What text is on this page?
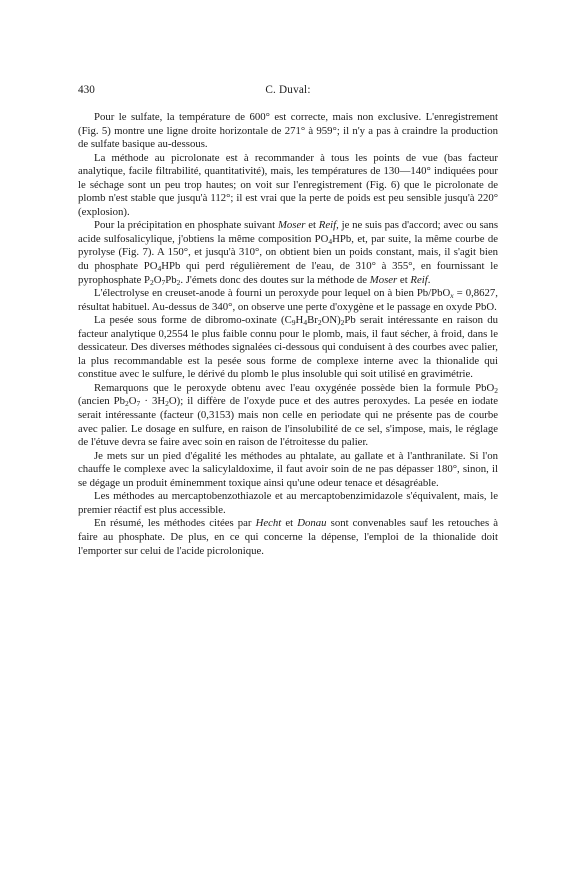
430	C. Duval:

Pour le sulfate, la température de 600° est correcte, mais non exclusive. L'enregistrement (Fig. 5) montre une ligne droite horizontale de 271° à 959°; il n'y a pas à craindre la production de sulfate basique au-dessous.

La méthode au picrolonate est à recommander à tous les points de vue (bas facteur analytique, facile filtrabilité, quantitativité), mais, les températures de 130—140° indiquées pour le séchage sont un peu trop hautes; on voit sur l'enregistrement (Fig. 6) que le picrolonate de plomb n'est stable que jusqu'à 112°; il est vrai que la perte de poids est peu sensible jusqu'à 220° (explosion).

Pour la précipitation en phosphate suivant Moser et Reif, je ne suis pas d'accord; avec ou sans acide sulfosalicylique, j'obtiens la même composition $PO_4HPb$, et, par suite, la même courbe de pyrolyse (Fig. 7). A 150°, et jusqu'à 310°, on obtient bien un poids constant, mais, il s'agit bien du phosphate $PO_4HPb$ qui perd régulièrement de l'eau, de 310° à 355°, en fournissant le pyrophosphate $P_2O_7Pb_2$. J'émets donc des doutes sur la méthode de Moser et Reif.

L'électrolyse en creuset-anode à fourni un peroxyde pour lequel on à bien Pb/PbO$_x$ = 0,8627, résultat habituel. Au-dessus de 340°, on observe une perte d'oxygène et le passage en oxyde PbO.

La pesée sous forme de dibromo-oxinate $(C_9H_4Br_2ON)_2Pb$ serait intéressante en raison du facteur analytique 0,2554 le plus faible connu pour le plomb, mais, il faut sécher, à froid, dans le dessicateur. Des diverses méthodes signalées ci-dessous qui conduisent à des courbes avec palier, la plus recommandable est la pesée sous forme de complexe interne avec la thionalide qui constitue avec le sulfure, le dérivé du plomb le plus insoluble qui soit utilisé en gravimétrie.

Remarquons que le peroxyde obtenu avec l'eau oxygénée possède bien la formule PbO$_2$ (ancien $Pb_2O_7 \cdot 3H_2O$); il diffère de l'oxyde puce et des autres peroxydes. La pesée en iodate serait intéressante (facteur (0,3153) mais non celle en periodate qui ne présente pas de courbe avec palier. Le dosage en sulfure, en raison de l'insolubilité de ce sel, s'impose, mais, le réglage de l'étuve devra se faire avec soin en raison de l'étroitesse du palier.

Je mets sur un pied d'égalité les méthodes au phtalate, au gallate et à l'anthranilate. Si l'on chauffe le complexe avec la salicylaldoxime, il faut avoir soin de ne pas dépasser 180°, sinon, il se dégage un produit éminemment toxique ainsi qu'une odeur tenace et désagréable.

Les méthodes au mercaptobenzothiazole et au mercaptobenzimidazole s'équivalent, mais, le premier réactif est plus accessible.

En résumé, les méthodes citées par Hecht et Donau sont convenables sauf les retouches à faire au phosphate. De plus, en ce qui concerne la dépense, l'emploi de la thionalide doit l'emporter sur celui de l'acide picrolonique.
